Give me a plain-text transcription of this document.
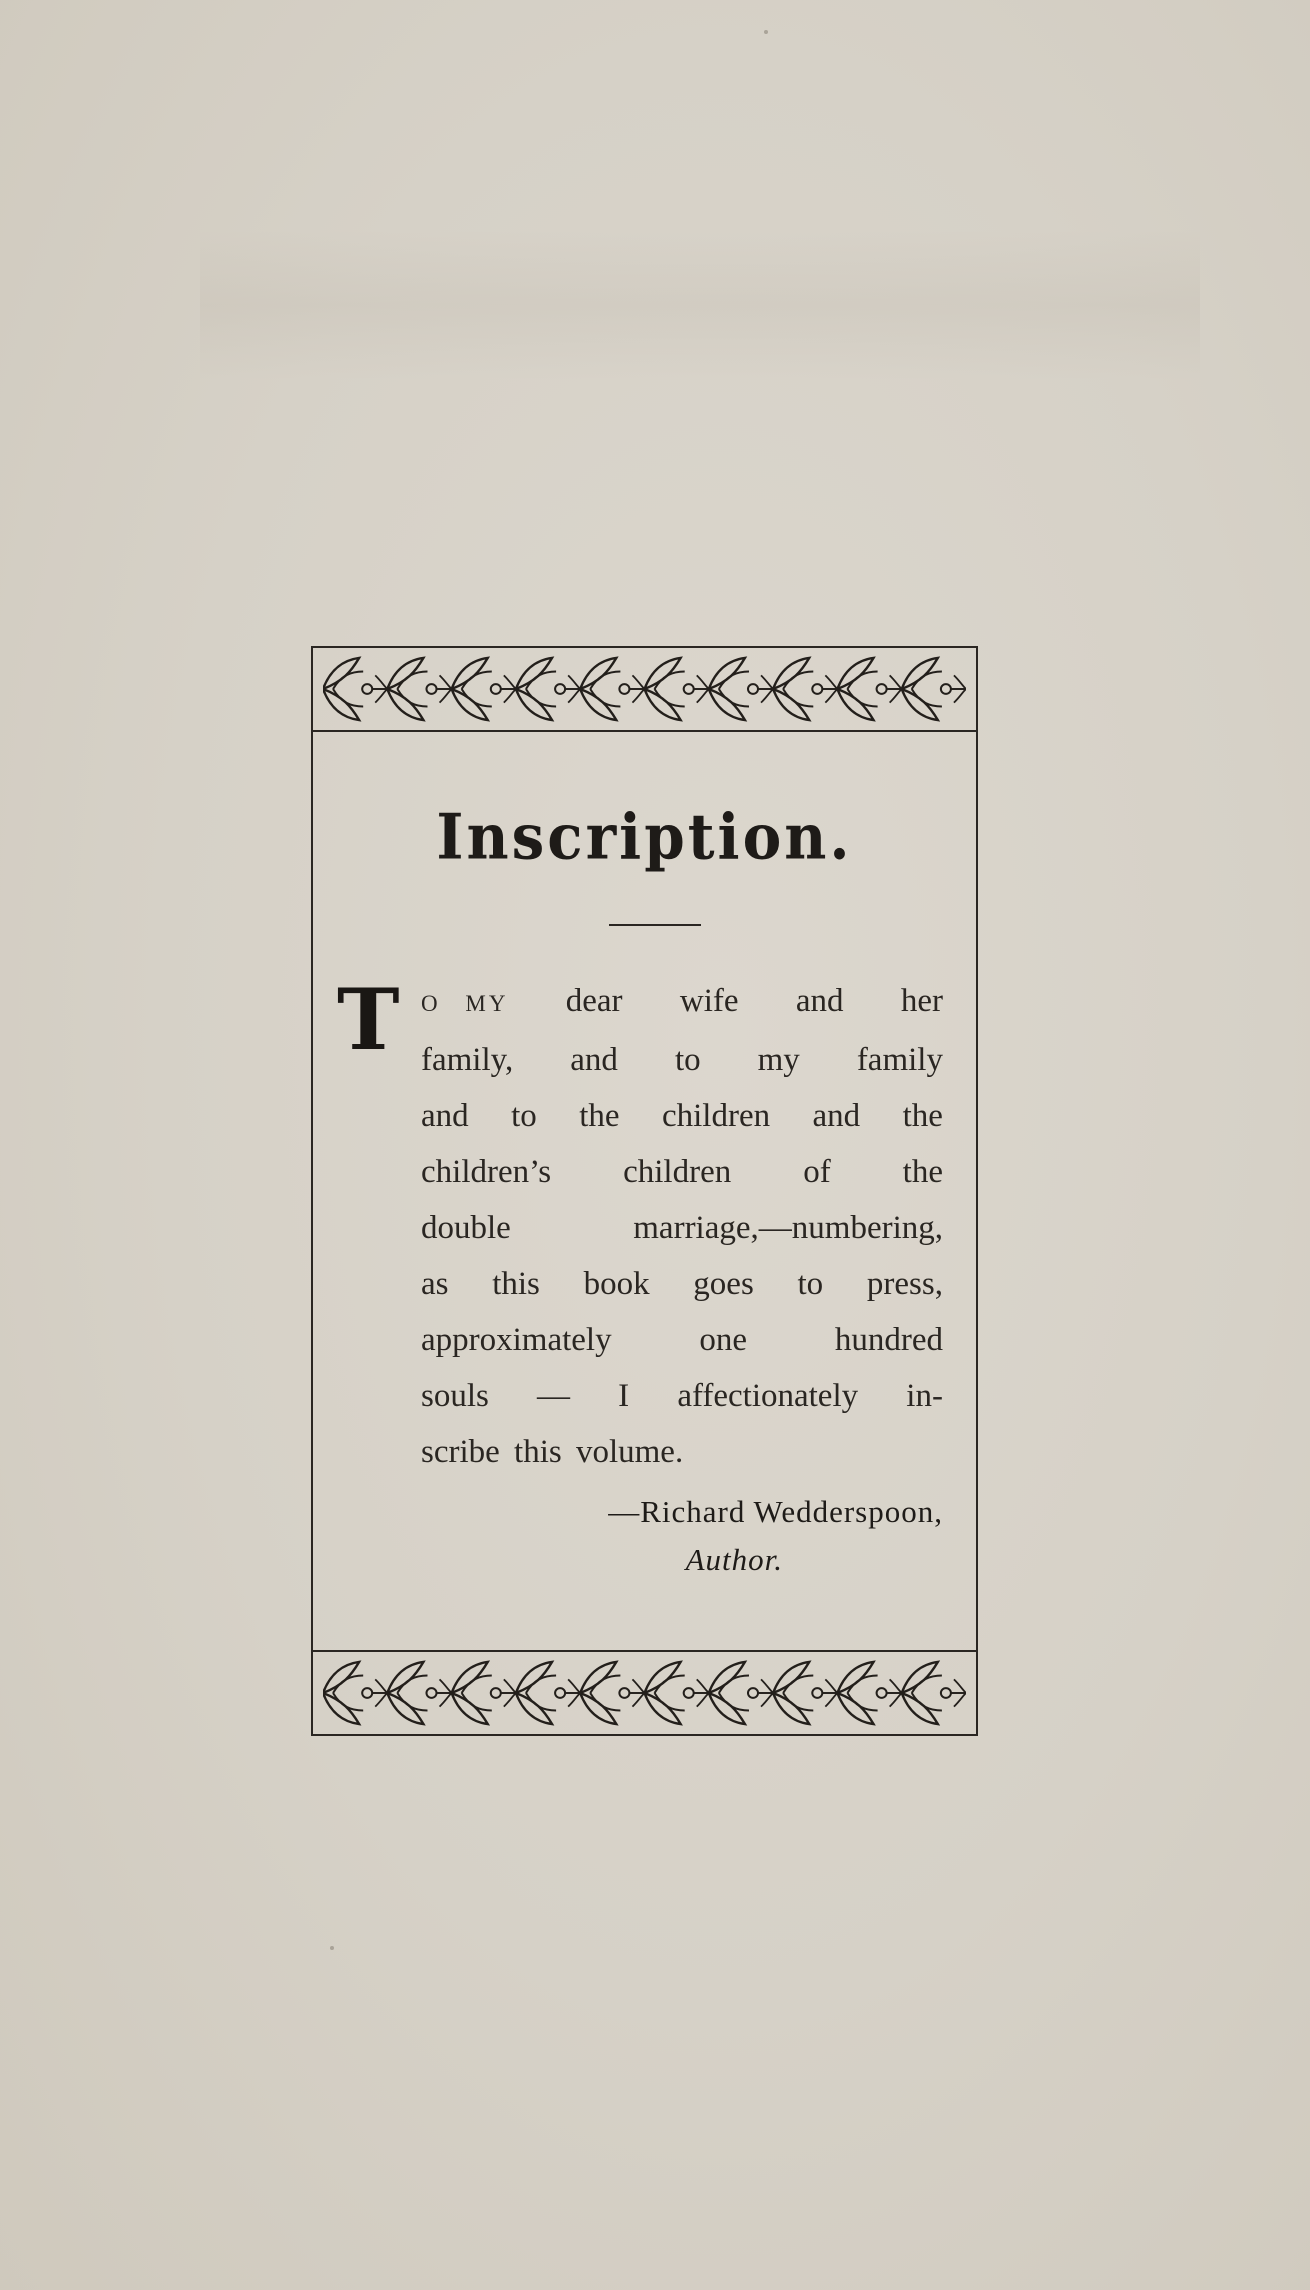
Inscription.
T O MY dear wife and her
family, and to my family
and to the children and the
children’s children of the
double	marriage,—numbering,
as this book goes to press,
approximately	one	hundred
souls — I affectionately in-
scribe this volume.
—Richard Wedderspoon,
Author.
